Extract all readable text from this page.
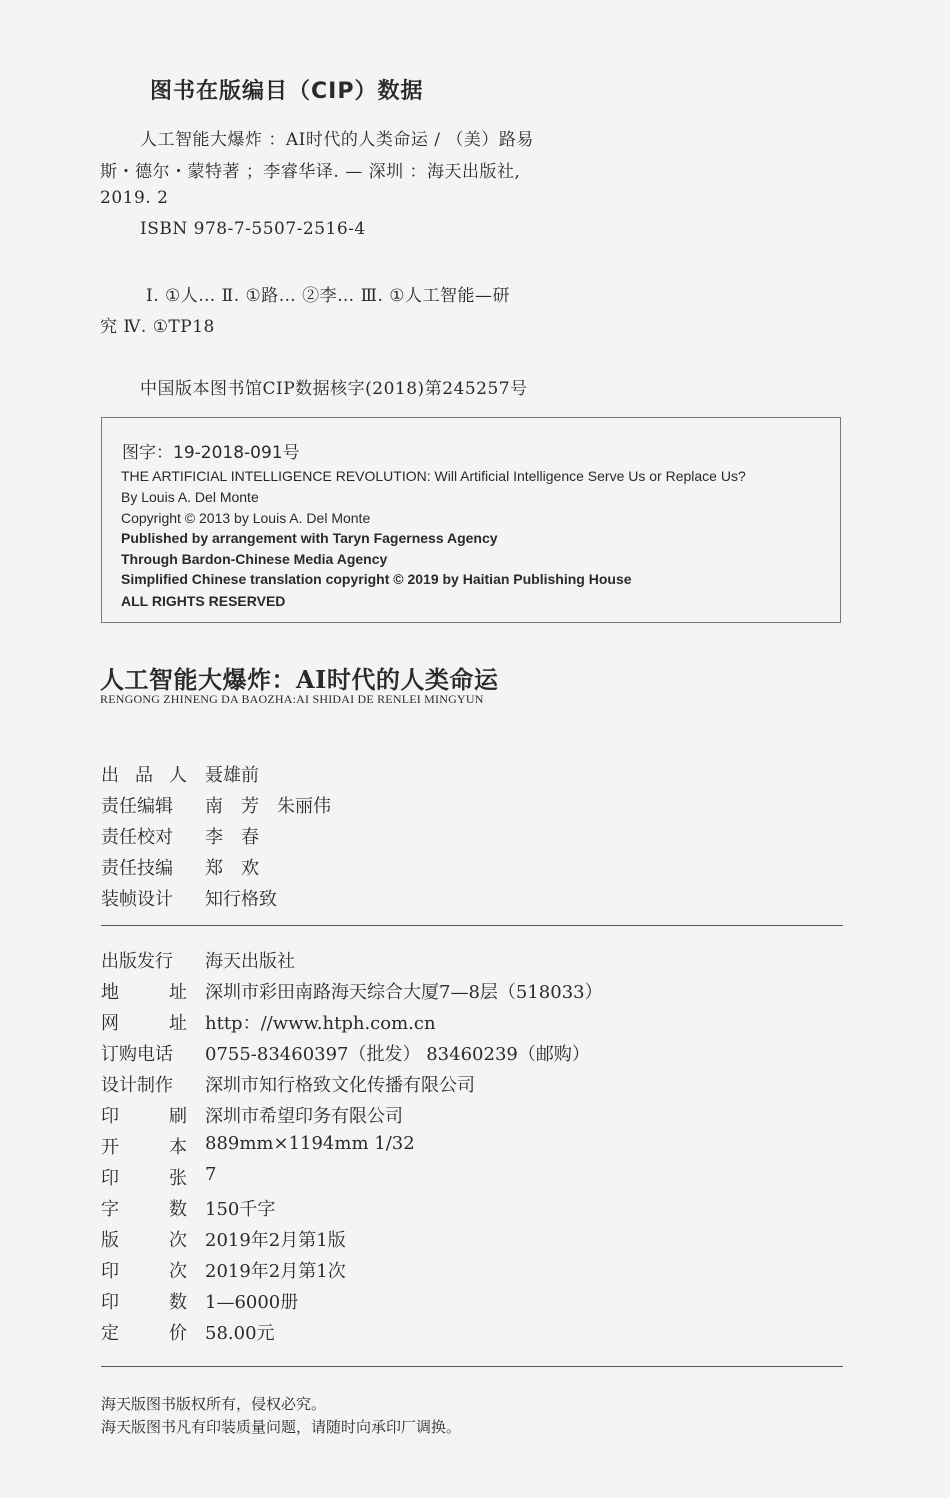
图书在版编目（CIP）数据
人工智能大爆炸 ：AI时代的人类命运 / （美）路易
斯・德尔・蒙特著 ；李睿华译. — 深圳 ：海天出版社,
2019. 2
ISBN 978-7-5507-2516-4
Ⅰ. ①人… Ⅱ. ①路… ②李… Ⅲ. ①人工智能—研
究 Ⅳ. ①TP18
中国版本图书馆CIP数据核字(2018)第245257号
图字：19-2018-091号
THE ARTIFICIAL INTELLIGENCE REVOLUTION: Will Artificial Intelligence Serve Us or Replace Us?
By Louis A. Del Monte
Copyright © 2013 by Louis A. Del Monte
Published by arrangement with Taryn Fagerness Agency
Through Bardon-Chinese Media Agency
Simplified Chinese translation copyright © 2019 by Haitian Publishing House
ALL RIGHTS RESERVED
人工智能大爆炸：AI时代的人类命运
RENGONG ZHINENG DA BAOZHA:AI SHIDAI DE RENLEI MINGYUN
出 品 人 聂雄前
责任编辑	南　芳　朱丽伟
责任校对	李　春
责任技编	郑　欢
装帧设计	知行格致
出版发行	海天出版社
地	址 深圳市彩田南路海天综合大厦7—8层（518033）
网	址 http：//www.htph.com.cn
订购电话	0755-83460397（批发） 83460239（邮购）
设计制作	深圳市知行格致文化传播有限公司
印	刷 深圳市希望印务有限公司
开	本 889mm×1194mm 1/32
印	张 7
字	数 150千字
版	次 2019年2月第1版
印	次 2019年2月第1次
印	数 1—6000册
定	价 58.00元
海天版图书版权所有，侵权必究。
海天版图书凡有印装质量问题，请随时向承印厂调换。
